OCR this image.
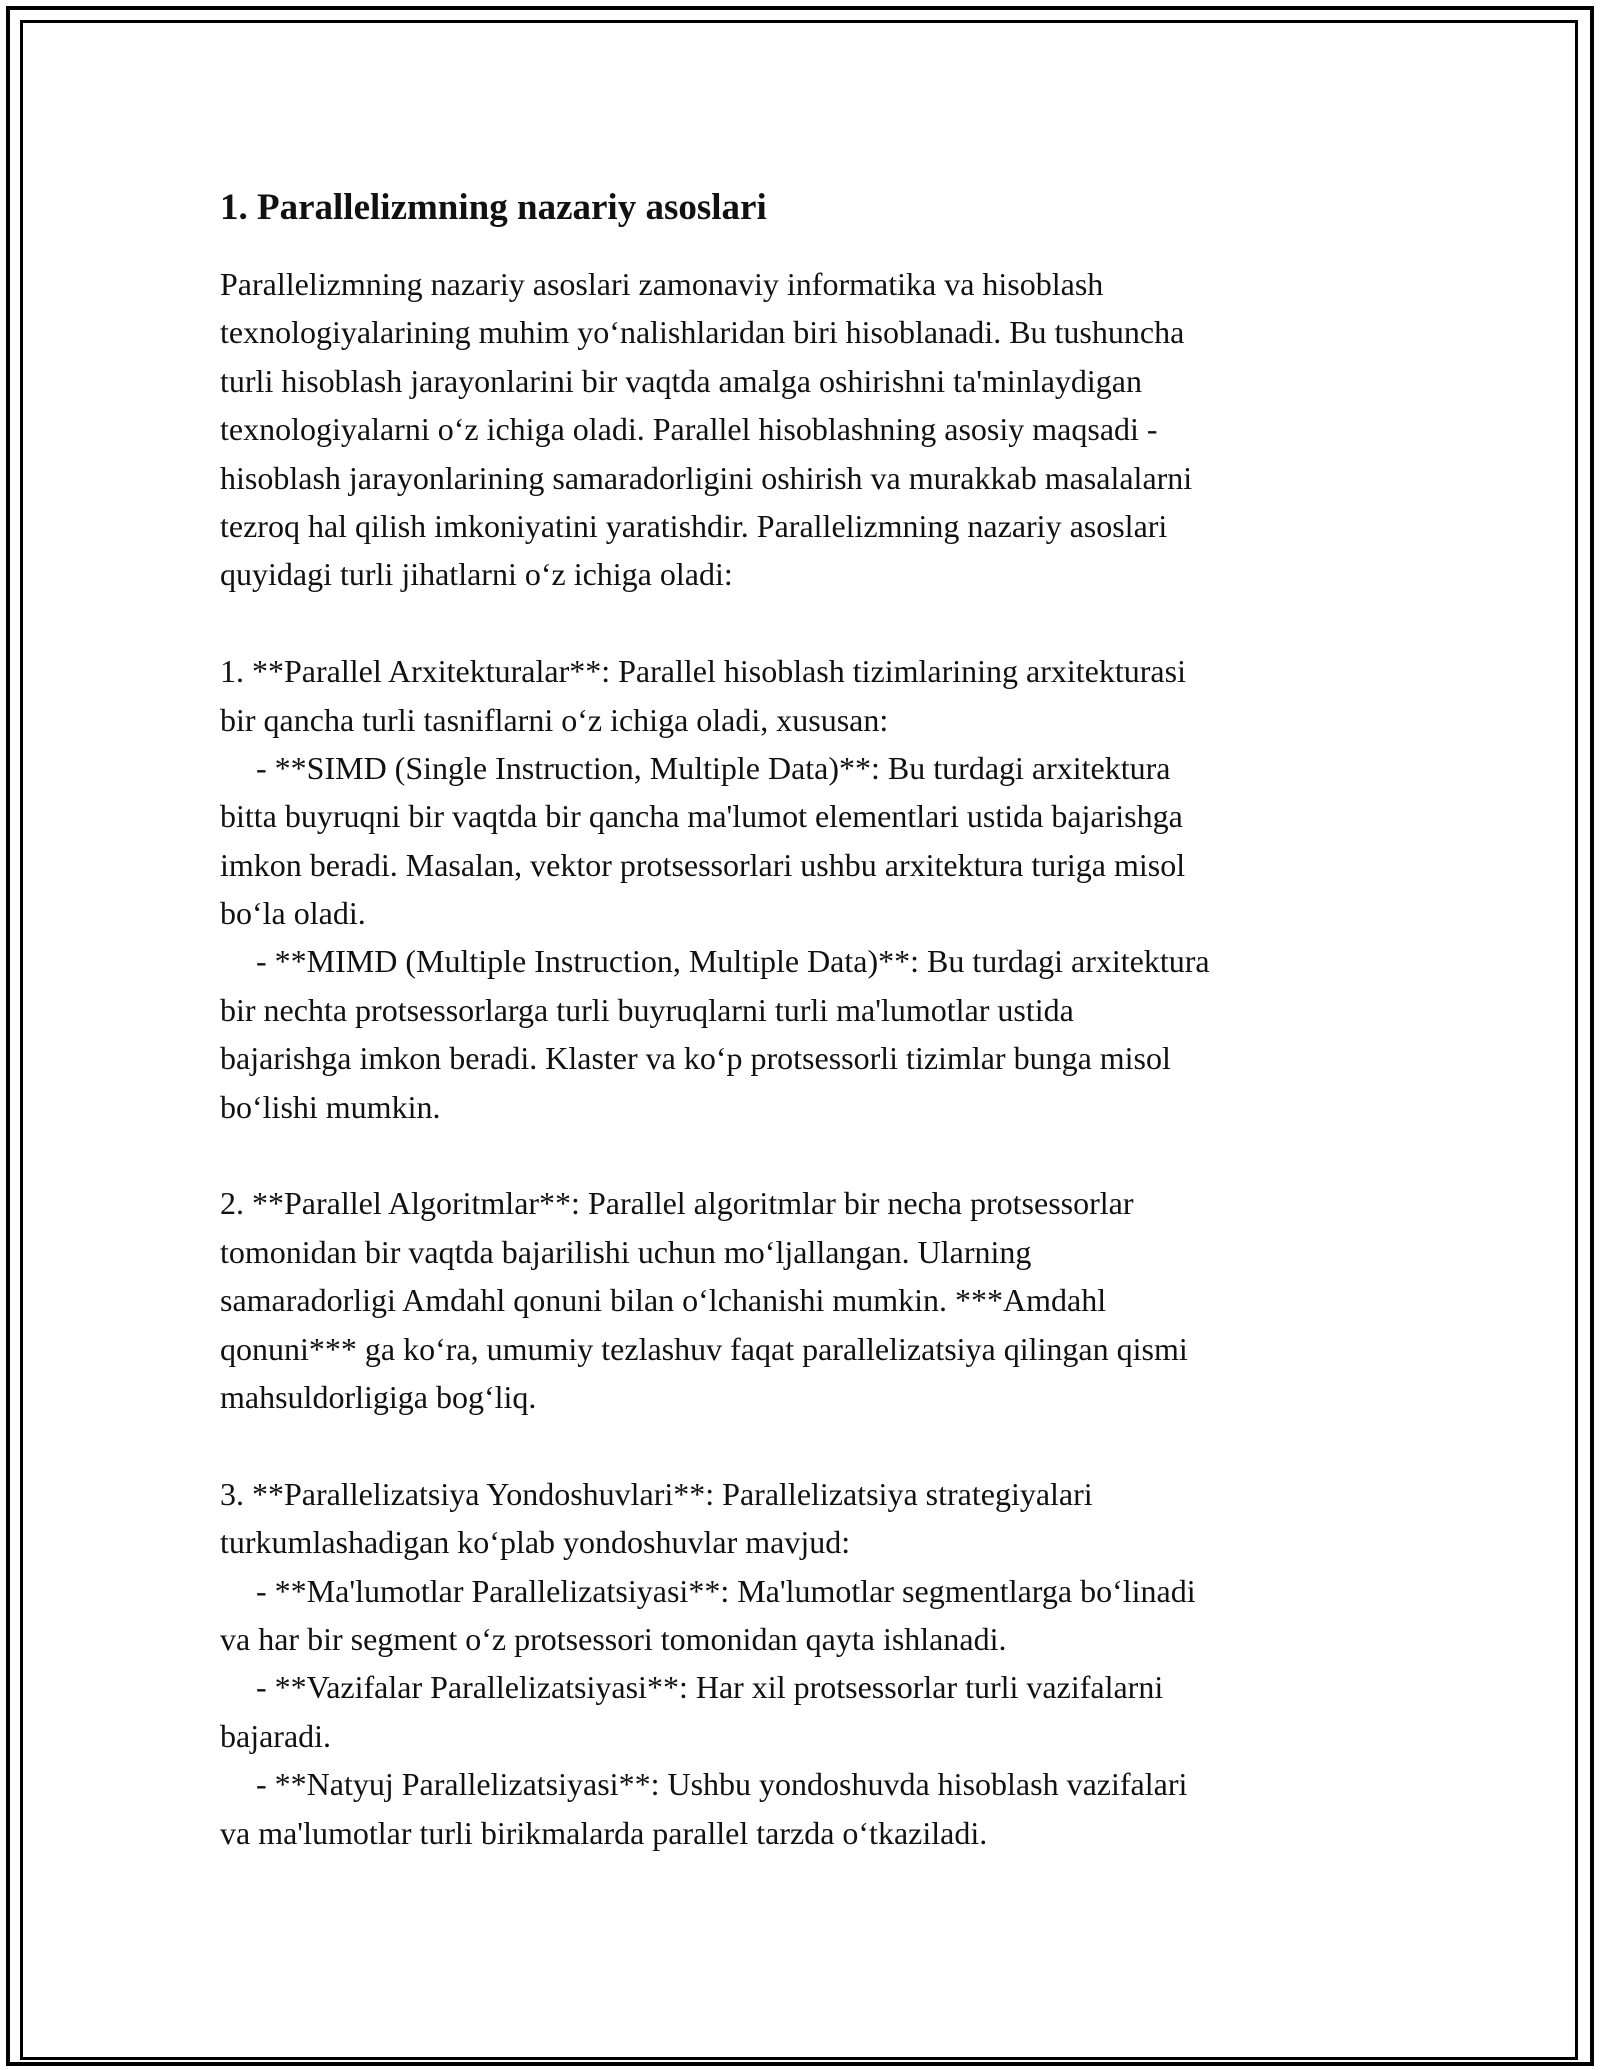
1. Parallelizmning nazariy asoslari
Parallelizmning nazariy asoslari zamonaviy informatika va hisoblash
texnologiyalarining muhim yo‘nalishlaridan biri hisoblanadi. Bu tushuncha
turli hisoblash jarayonlarini bir vaqtda amalga oshirishni ta'minlaydigan
texnologiyalarni o‘z ichiga oladi. Parallel hisoblashning asosiy maqsadi -
hisoblash jarayonlarining samaradorligini oshirish va murakkab masalalarni
tezroq hal qilish imkoniyatini yaratishdir. Parallelizmning nazariy asoslari
quyidagi turli jihatlarni o‘z ichiga oladi:
1. **Parallel Arxitekturalar**: Parallel hisoblash tizimlarining arxitekturasi
bir qancha turli tasniflarni o‘z ichiga oladi, xususan:
- **SIMD (Single Instruction, Multiple Data)**: Bu turdagi arxitektura
bitta buyruqni bir vaqtda bir qancha ma'lumot elementlari ustida bajarishga
imkon beradi. Masalan, vektor protsessorlari ushbu arxitektura turiga misol
bo‘la oladi.
- **MIMD (Multiple Instruction, Multiple Data)**: Bu turdagi arxitektura
bir nechta protsessorlarga turli buyruqlarni turli ma'lumotlar ustida
bajarishga imkon beradi. Klaster va ko‘p protsessorli tizimlar bunga misol
bo‘lishi mumkin.
2. **Parallel Algoritmlar**: Parallel algoritmlar bir necha protsessorlar
tomonidan bir vaqtda bajarilishi uchun mo‘ljallangan. Ularning
samaradorligi Amdahl qonuni bilan o‘lchanishi mumkin. ***Amdahl
qonuni*** ga ko‘ra, umumiy tezlashuv faqat parallelizatsiya qilingan qismi
mahsuldorligiga bog‘liq.
3. **Parallelizatsiya Yondoshuvlari**: Parallelizatsiya strategiyalari
turkumlashadigan ko‘plab yondoshuvlar mavjud:
- **Ma'lumotlar Parallelizatsiyasi**: Ma'lumotlar segmentlarga bo‘linadi
va har bir segment o‘z protsessori tomonidan qayta ishlanadi.
- **Vazifalar Parallelizatsiyasi**: Har xil protsessorlar turli vazifalarni
bajaradi.
- **Natyuj Parallelizatsiyasi**: Ushbu yondoshuvda hisoblash vazifalari
va ma'lumotlar turli birikmalarda parallel tarzda o‘tkaziladi.
